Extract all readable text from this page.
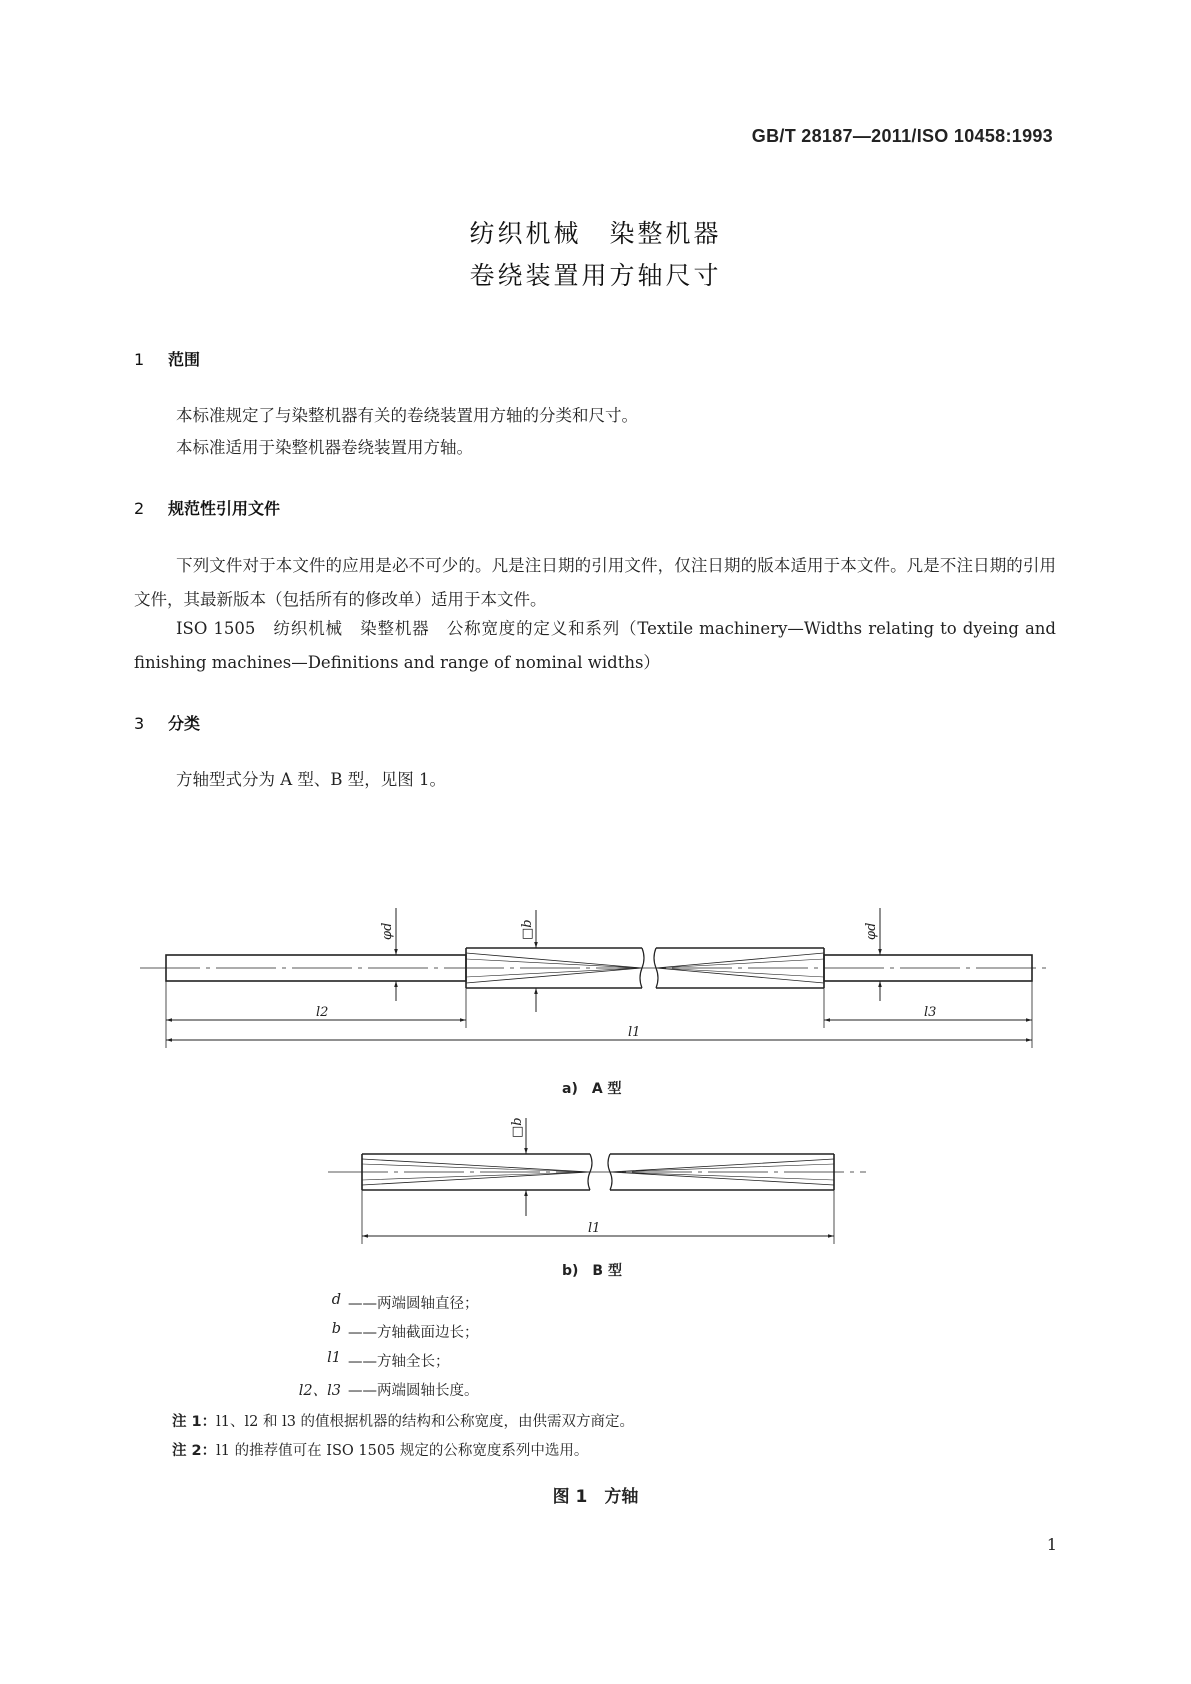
GB/T 28187—2011/ISO 10458:1993
纺织机械　染整机器
卷绕装置用方轴尺寸
1 范围
本标准规定了与染整机器有关的卷绕装置用方轴的分类和尺寸。
本标准适用于染整机器卷绕装置用方轴。
2 规范性引用文件
下列文件对于本文件的应用是必不可少的。凡是注日期的引用文件，仅注日期的版本适用于本文件。凡是不注日期的引用文件，其最新版本（包括所有的修改单）适用于本文件。
ISO 1505　纺织机械　染整机器　公称宽度的定义和系列（Textile machinery—Widths relating to dyeing and finishing machines—Definitions and range of nominal widths）
3 分类
方轴型式分为 A 型、B 型，见图 1。
φd	□b	φd
l2	l3
l1
□b
l1
a)　A 型
b)　B 型
d ——两端圆轴直径；
b ——方轴截面边长；
l1 ——方轴全长；
l2、l3 ——两端圆轴长度。
注 1：l1、l2 和 l3 的值根据机器的结构和公称宽度，由供需双方商定。
注 2：l1 的推荐值可在 ISO 1505 规定的公称宽度系列中选用。
图 1　方轴
1
